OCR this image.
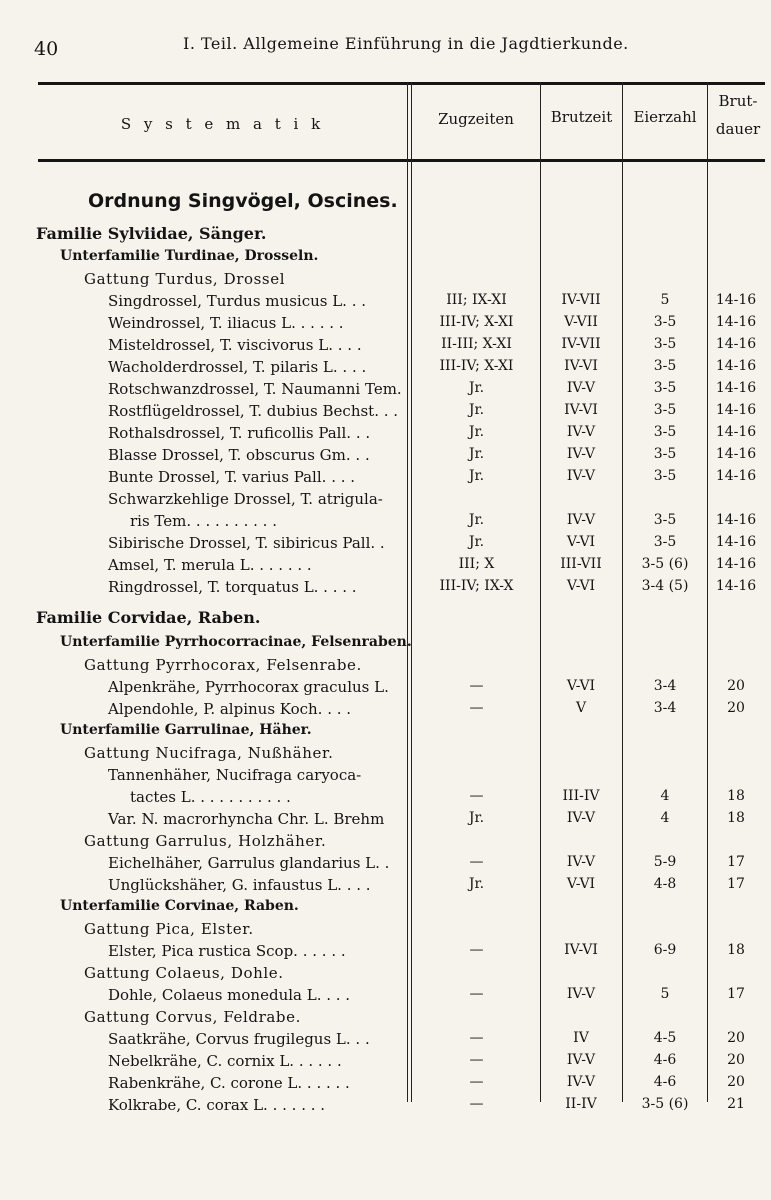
40	I. Teil. Allgemeine Einführung in die Jagdtierkunde.
S y s t e m a t i k	Zugzeiten	Brutzeit	Eierzahl
Brut-
dauer
Ordnung Singvögel, Oscines.
Familie Sylviidae, Sänger.
Unterfamilie Turdinae, Drosseln.
Gattung Turdus, Drossel
Singdrossel, Turdus musicus L. . .	III; IX-XI	IV-VII	5	14-16
Weindrossel, T. iliacus L. . . . . .	III-IV; X-XI	V-VII	3-5	14-16
Misteldrossel, T. viscivorus L. . . .	II-III; X-XI	IV-VII	3-5	14-16
Wacholderdrossel, T. pilaris L. . . .	III-IV; X-XI	IV-VI	3-5	14-16
Rotschwanzdrossel, T. Naumanni Tem.	Jr.	IV-V	3-5	14-16
Rostflügeldrossel, T. dubius Bechst. . .	Jr.	IV-VI	3-5	14-16
Rothalsdrossel, T. ruficollis Pall. . .	Jr.	IV-V	3-5	14-16
Blasse Drossel, T. obscurus Gm. . .	Jr.	IV-V	3-5	14-16
Bunte Drossel, T. varius Pall. . . .	Jr.	IV-V	3-5	14-16
Schwarzkehlige Drossel, T. atrigula-
ris Tem. . . . . . . . . .	Jr.	IV-V	3-5	14-16
Sibirische Drossel, T. sibiricus Pall. .	Jr.	V-VI	3-5	14-16
Amsel, T. merula L. . . . . . .	III; X	III-VII	3-5 (6)	14-16
Ringdrossel, T. torquatus L. . . . .	III-IV; IX-X	V-VI	3-4 (5)	14-16
Familie Corvidae, Raben.
Unterfamilie Pyrrhocorracinae, Felsenraben.
Gattung Pyrrhocorax, Felsenrabe.
Alpenkrähe, Pyrrhocorax graculus L.	—	V-VI	3-4	20
Alpendohle, P. alpinus Koch. . . .	—	V	3-4	20
Unterfamilie Garrulinae, Häher.
Gattung Nucifraga, Nußhäher.
Tannenhäher, Nucifraga caryoca-
tactes L. . . . . . . . . . .	—	III-IV	4	18
Var. N. macrorhyncha Chr. L. Brehm	Jr.	IV-V	4	18
Gattung Garrulus, Holzhäher.
Eichelhäher, Garrulus glandarius L. .	—	IV-V	5-9	17
Unglückshäher, G. infaustus L. . . .	Jr.	V-VI	4-8	17
Unterfamilie Corvinae, Raben.
Gattung Pica, Elster.
Elster, Pica rustica Scop. . . . . .	—	IV-VI	6-9	18
Gattung Colaeus, Dohle.
Dohle, Colaeus monedula L. . . .	—	IV-V	5	17
Gattung Corvus, Feldrabe.
Saatkrähe, Corvus frugilegus L. . .	—	IV	4-5	20
Nebelkrähe, C. cornix L. . . . . .	—	IV-V	4-6	20
Rabenkrähe, C. corone L. . . . . .	—	IV-V	4-6	20
Kolkrabe, C. corax L. . . . . . .	—	II-IV	3-5 (6)	21
